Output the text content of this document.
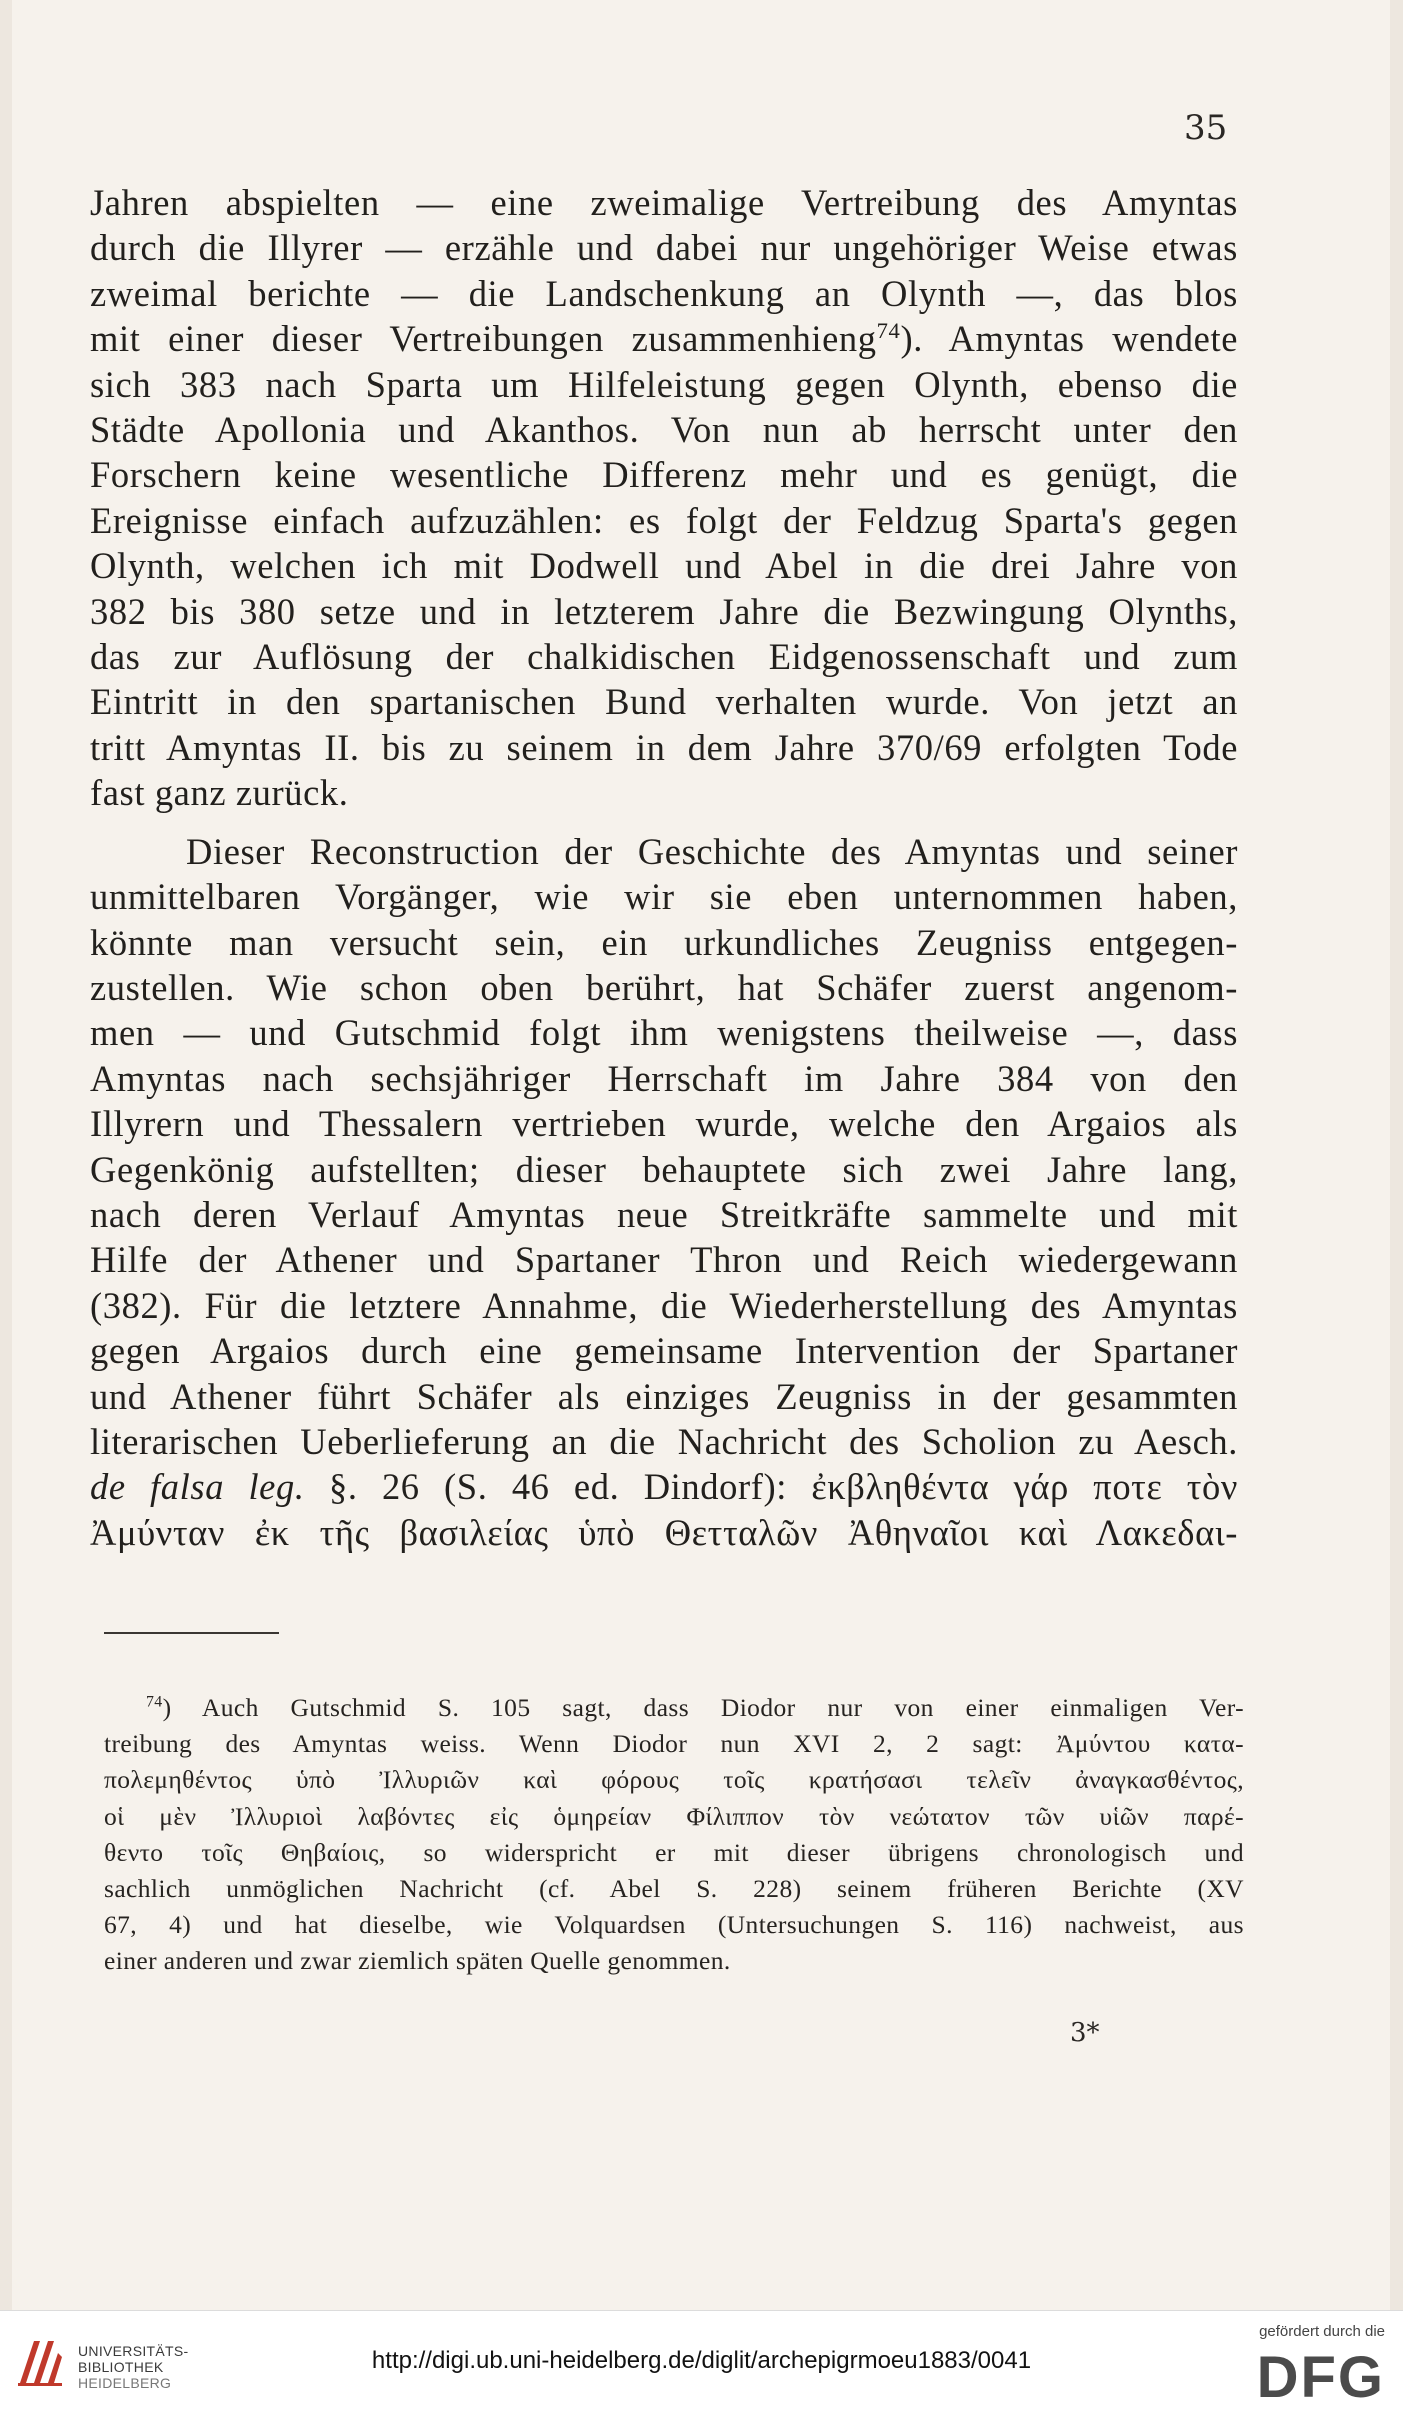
35
Jahren abspielten — eine zweimalige Vertreibung des Amyntas
durch die Illyrer — erzähle und dabei nur ungehöriger Weise etwas
zweimal berichte — die Landschenkung an Olynth —, das blos
mit einer dieser Vertreibungen zusammenhieng$^{74}$). Amyntas wendete
sich 383 nach Sparta um Hilfeleistung gegen Olynth, ebenso die
Städte Apollonia und Akanthos. Von nun ab herrscht unter den
Forschern keine wesentliche Differenz mehr und es genügt, die
Ereignisse einfach aufzuzählen: es folgt der Feldzug Sparta's gegen
Olynth, welchen ich mit Dodwell und Abel in die drei Jahre von
382 bis 380 setze und in letzterem Jahre die Bezwingung Olynths,
das zur Auflösung der chalkidischen Eidgenossenschaft und zum
Eintritt in den spartanischen Bund verhalten wurde. Von jetzt an
tritt Amyntas II. bis zu seinem in dem Jahre 370/69 erfolgten Tode
fast ganz zurück.
Dieser Reconstruction der Geschichte des Amyntas und seiner
unmittelbaren Vorgänger, wie wir sie eben unternommen haben,
könnte man versucht sein, ein urkundliches Zeugniss entgegen-
zustellen. Wie schon oben berührt, hat Schäfer zuerst angenom-
men — und Gutschmid folgt ihm wenigstens theilweise —, dass
Amyntas nach sechsjähriger Herrschaft im Jahre 384 von den
Illyrern und Thessalern vertrieben wurde, welche den Argaios als
Gegenkönig aufstellten; dieser behauptete sich zwei Jahre lang,
nach deren Verlauf Amyntas neue Streitkräfte sammelte und mit
Hilfe der Athener und Spartaner Thron und Reich wiedergewann
(382). Für die letztere Annahme, die Wiederherstellung des Amyntas
gegen Argaios durch eine gemeinsame Intervention der Spartaner
und Athener führt Schäfer als einziges Zeugniss in der gesammten
literarischen Ueberlieferung an die Nachricht des Scholion zu Aesch.
de falsa leg. §. 26 (S. 46 ed. Dindorf): ἐκβληθέντα γάρ ποτε τὸν
Ἀμύνταν ἐκ τῆς βασιλείας ὑπὸ Θετταλῶν Ἀθηναῖοι καὶ Λακεδαι-
$^{74}$) Auch Gutschmid S. 105 sagt, dass Diodor nur von einer einmaligen Ver-
treibung des Amyntas weiss. Wenn Diodor nun XVI 2, 2 sagt: Ἀμύντου κατα-
πολεμηθέντος ὑπὸ Ἰλλυριῶν καὶ φόρους τοῖς κρατήσασι τελεῖν ἀναγκασθέντος,
οἱ μὲν Ἰλλυριοὶ λαβόντες εἰς ὁμηρείαν Φίλιππον τὸν νεώτατον τῶν υἱῶν παρέ-
θεντο τοῖς Θηβαίοις, so widerspricht er mit dieser übrigens chronologisch und
sachlich unmöglichen Nachricht (cf. Abel S. 228) seinem früheren Berichte (XV
67, 4) und hat dieselbe, wie Volquardsen (Untersuchungen S. 116) nachweist, aus
einer anderen und zwar ziemlich späten Quelle genommen.
3*
UNIVERSITÄTS-
BIBLIOTHEK
HEIDELBERG
http://digi.ub.uni-heidelberg.de/diglit/archepigrmoeu1883/0041
gefördert durch die
DFG
